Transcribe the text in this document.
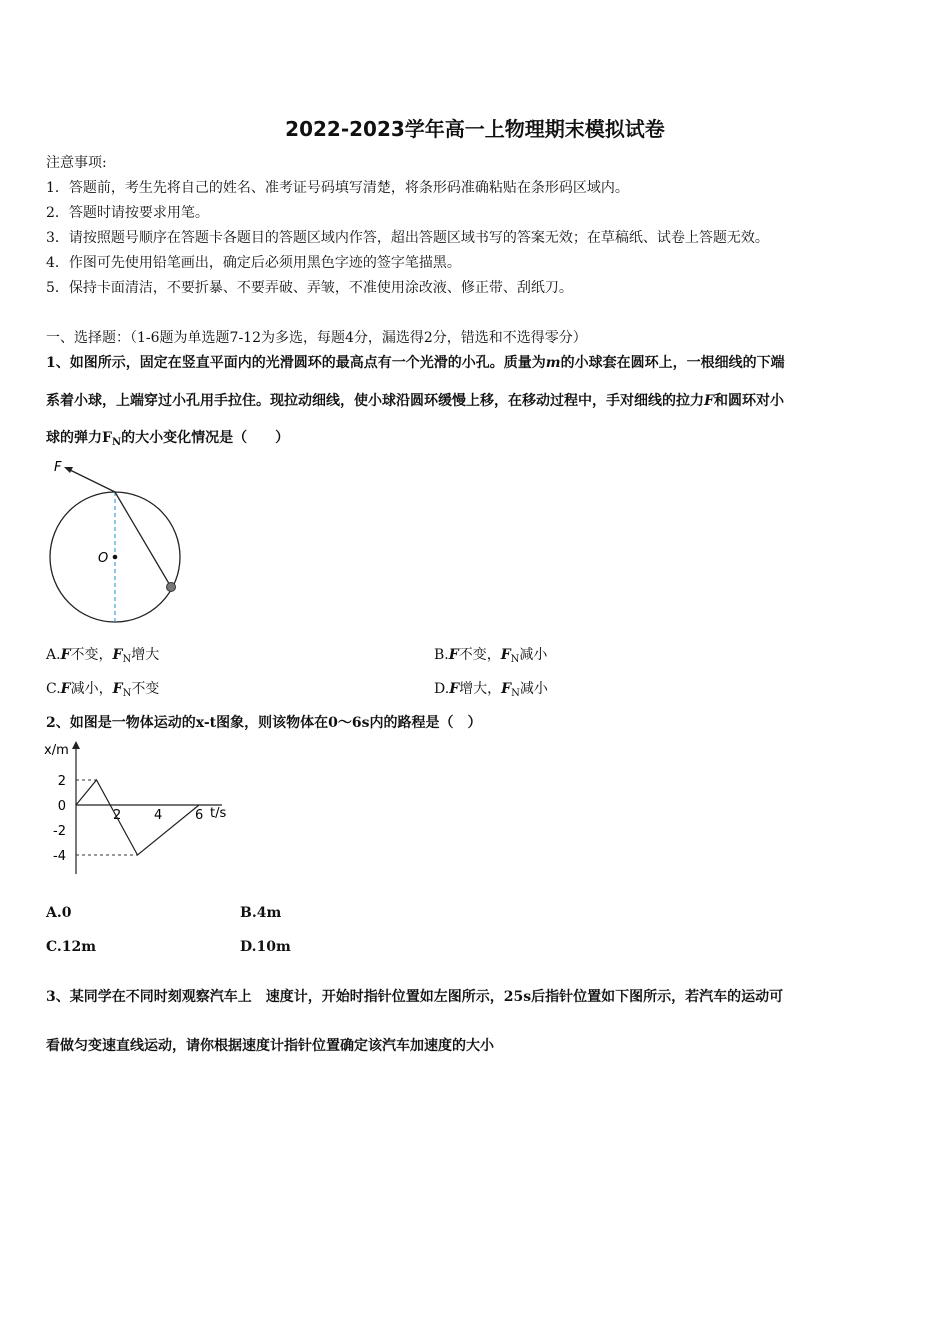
2022-2023学年高一上物理期末模拟试卷
注意事项:
1．答题前，考生先将自己的姓名、准考证号码填写清楚，将条形码准确粘贴在条形码区域内。
2．答题时请按要求用笔。
3．请按照题号顺序在答题卡各题目的答题区域内作答，超出答题区域书写的答案无效；在草稿纸、试卷上答题无效。
4．作图可先使用铅笔画出，确定后必须用黑色字迹的签字笔描黑。
5．保持卡面清洁，不要折暴、不要弄破、弄皱，不准使用涂改液、修正带、刮纸刀。
一、选择题：（1-6题为单选题7-12为多选，每题4分，漏选得2分，错选和不选得零分）
1、如图所示，固定在竖直平面内的光滑圆环的最高点有一个光滑的小孔。质量为m的小球套在圆环上，一根细线的下端
系着小球，上端穿过小孔用手拉住。现拉动细线，使小球沿圆环缓慢上移，在移动过程中，手对细线的拉力F和圆环对小
球的弹力$F_N$的大小变化情况是（　　）
F
O
A.F不变，$F_N$增大	B.F不变，$F_N$减小
C.F减小，$F_N$不变	D.F增大，$F_N$减小
2、如图是一物体运动的x-t图象，则该物体在0～6s内的路程是（　）
x/m
t/s
2
0
-2
-4
2	4	6
A.0	B.4m
C.12m	D.10m
3、某同学在不同时刻观察汽车上　速度计，开始时指针位置如左图所示，25s后指针位置如下图所示，若汽车的运动可
看做匀变速直线运动，请你根据速度计指针位置确定该汽车加速度的大小
